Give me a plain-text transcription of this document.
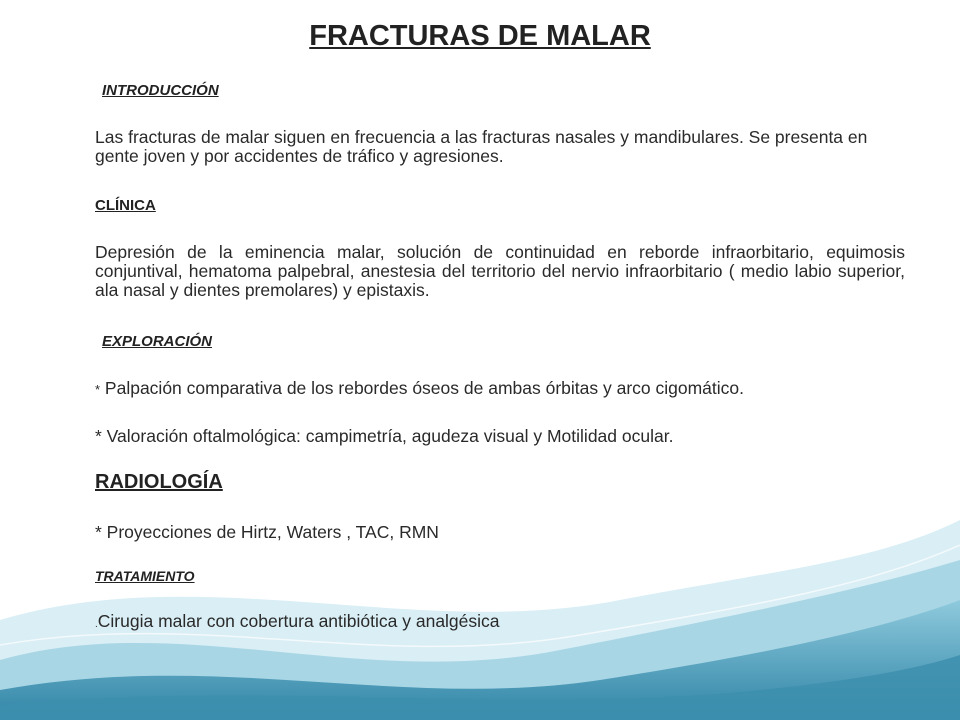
FRACTURAS DE MALAR
INTRODUCCIÓN
Las fracturas de malar siguen en frecuencia a las fracturas nasales y mandibulares. Se presenta en gente joven y por accidentes de tráfico y agresiones.
CLÍNICA
Depresión de la eminencia malar, solución de continuidad en reborde infraorbitario, equimosis conjuntival, hematoma palpebral, anestesia del territorio del nervio infraorbitario ( medio labio superior, ala nasal y dientes premolares) y epistaxis.
EXPLORACIÓN
* Palpación comparativa de los rebordes óseos de ambas órbitas y arco cigomático.
* Valoración oftalmológica: campimetría, agudeza visual y Motilidad ocular.
RADIOLOGÍA
* Proyecciones de Hirtz, Waters , TAC, RMN
TRATAMIENTO
.Cirugia malar con cobertura antibiótica y analgésica
